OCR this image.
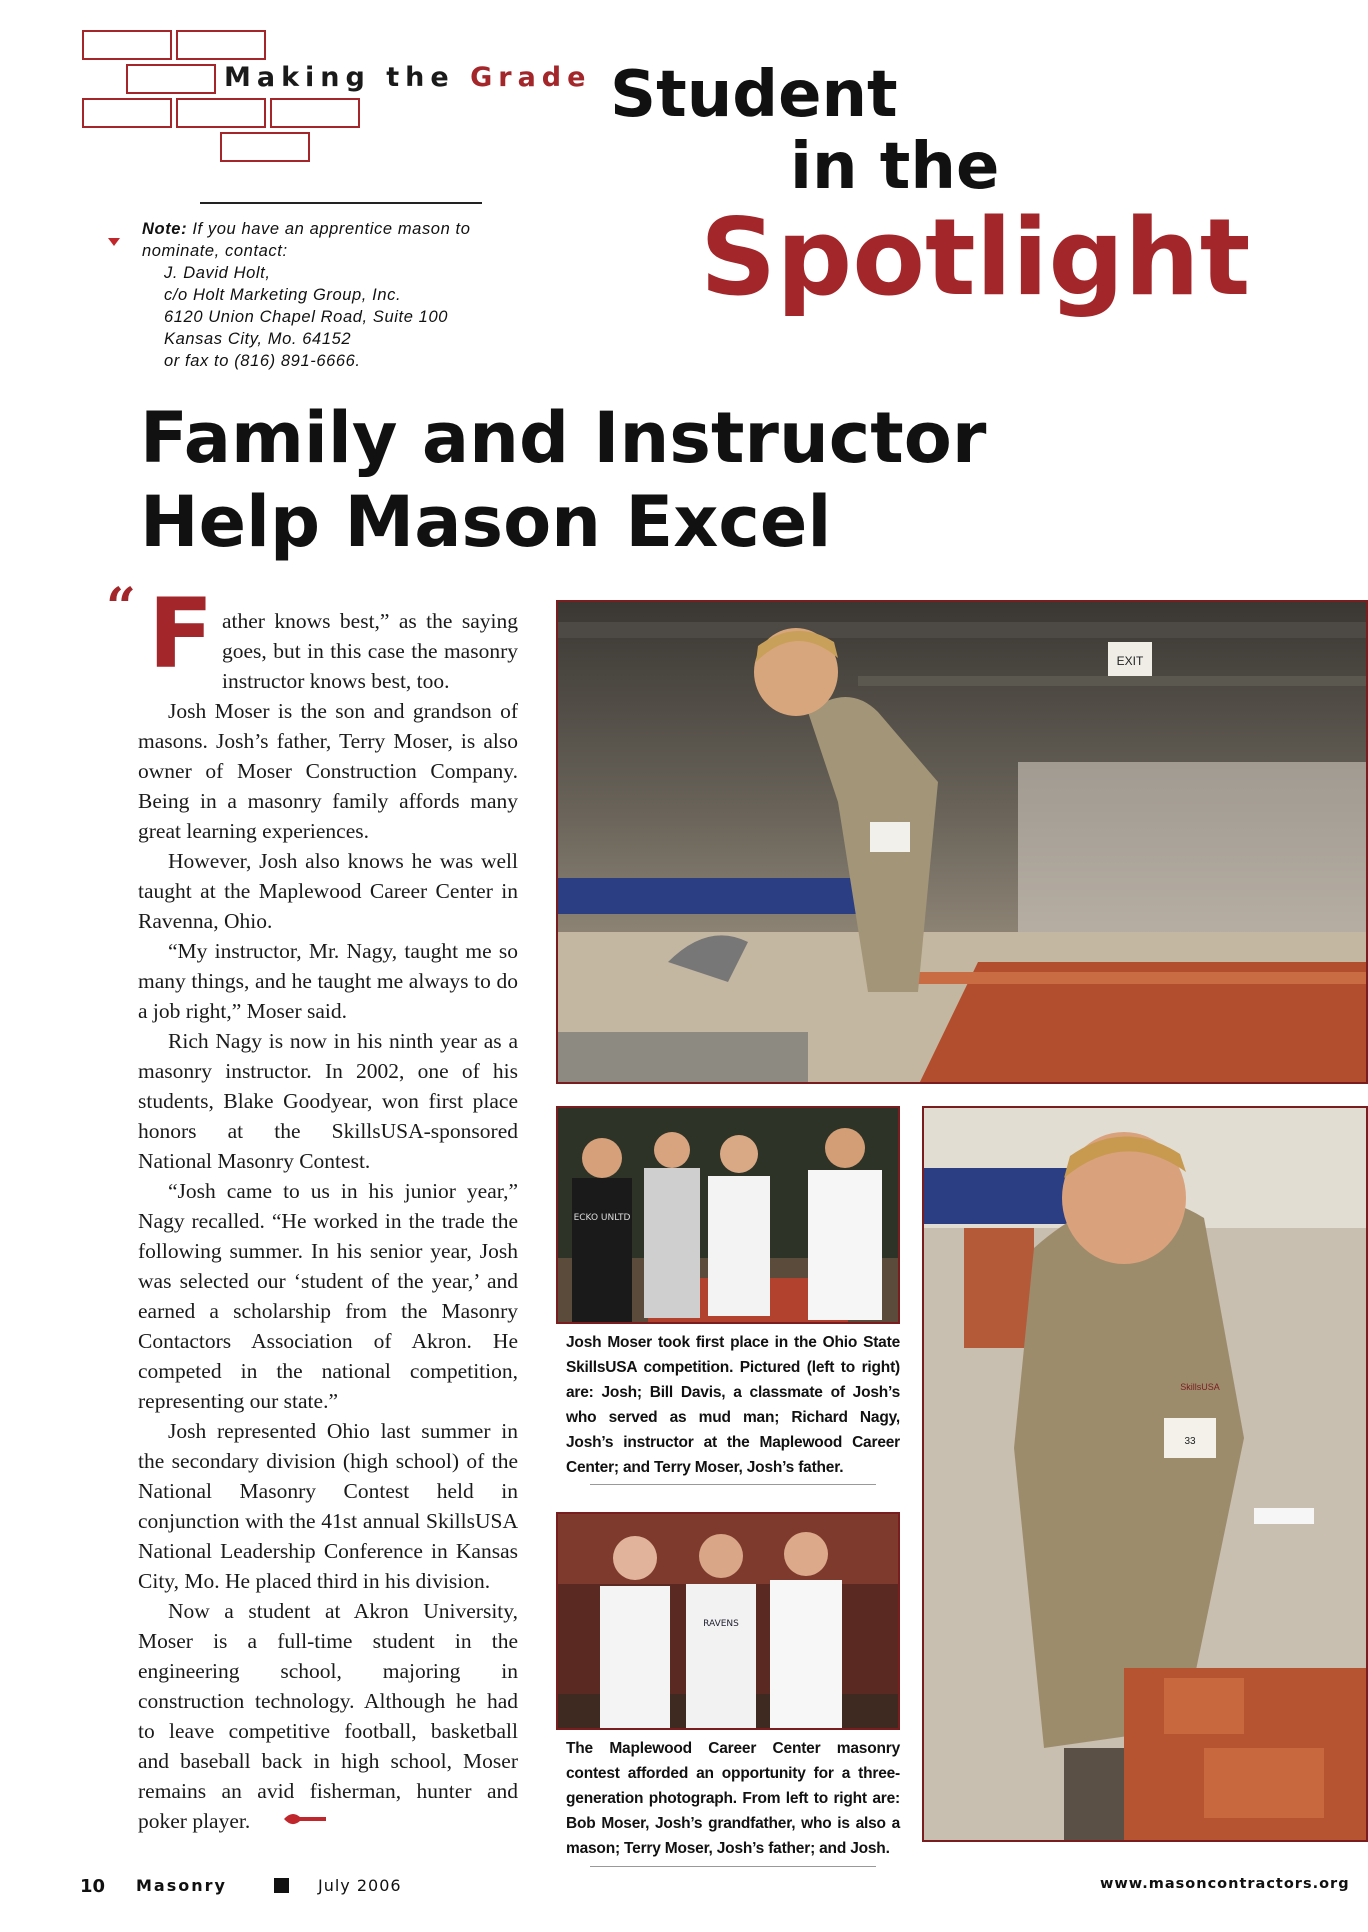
Making the Grade Student
in the
Spotlight
Note: If you have an apprentice mason to nominate, contact:
J. David Holt,
c/o Holt Marketing Group, Inc.
6120 Union Chapel Road, Suite 100
Kansas City, Mo. 64152
or fax to (816) 891-6666.
Family and Instructor
Help Mason Excel
“ F ather knows best,” as the saying goes, but in this case the masonry instructor knows best, too.

Josh Moser is the son and grandson of masons. Josh’s father, Terry Moser, is also owner of Moser Construction Company. Being in a masonry family affords many great learning experiences.

However, Josh also knows he was well taught at the Maplewood Career Center in Ravenna, Ohio.

“My instructor, Mr. Nagy, taught me so many things, and he taught me always to do a job right,” Moser said.

Rich Nagy is now in his ninth year as a masonry instructor. In 2002, one of his students, Blake Goodyear, won first place honors at the SkillsUSA-sponsored National Masonry Contest.

“Josh came to us in his junior year,” Nagy recalled. “He worked in the trade the following summer. In his senior year, Josh was selected our ‘student of the year,’ and earned a scholarship from the Masonry Contactors Association of Akron. He competed in the national competition, representing our state.”

Josh represented Ohio last summer in the secondary division (high school) of the National Masonry Contest held in conjunction with the 41st annual SkillsUSA National Leadership Conference in Kansas City, Mo. He placed third in his division.

Now a student at Akron University, Moser is a full-time student in the engineering school, majoring in construction technology. Although he had to leave competitive football, basketball and baseball back in high school, Moser remains an avid fisherman, hunter and poker player.

EXIT
ECKO UNLTD
Josh Moser took first place in the Ohio State SkillsUSA competition. Pictured (left to right) are: Josh; Bill Davis, a classmate of Josh’s who served as mud man; Richard Nagy, Josh’s instructor at the Maplewood Career Center; and Terry Moser, Josh’s father.
RAVENS
The Maplewood Career Center masonry contest afforded an opportunity for a three-generation photograph. From left to right are: Bob Moser, Josh’s grandfather, who is also a mason; Terry Moser, Josh’s father; and Josh.
33
SkillsUSA
10 Masonry	July 2006	www.masoncontractors.org
